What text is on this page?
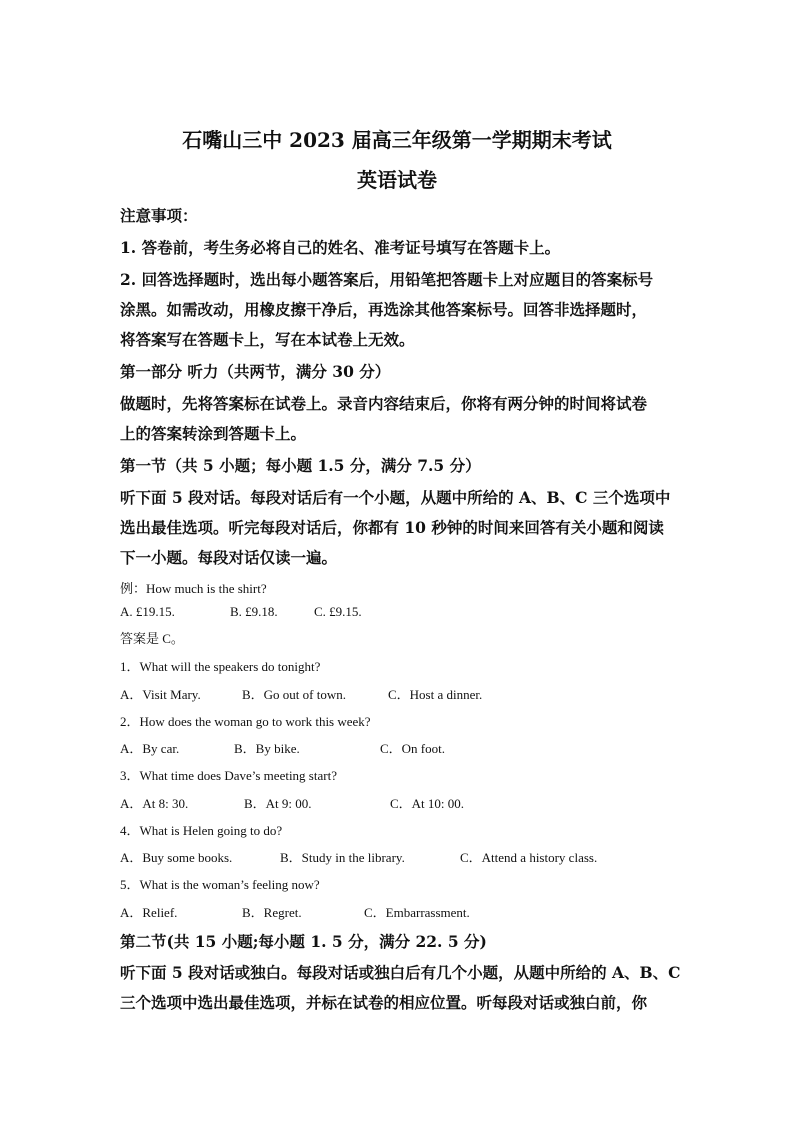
石嘴山三中 2023 届高三年级第一学期期末考试
英语试卷
注意事项：
1. 答卷前，考生务必将自己的姓名、准考证号填写在答题卡上。
2. 回答选择题时，选出每小题答案后，用铅笔把答题卡上对应题目的答案标号
涂黑。如需改动，用橡皮擦干净后，再选涂其他答案标号。回答非选择题时，
将答案写在答题卡上，写在本试卷上无效。
第一部分 听力（共两节，满分 30 分）
做题时，先将答案标在试卷上。录音内容结束后，你将有两分钟的时间将试卷
上的答案转涂到答题卡上。
第一节（共 5 小题；每小题 1.5 分，满分 7.5 分）
听下面 5 段对话。每段对话后有一个小题，从题中所给的 A、B、C 三个选项中
选出最佳选项。听完每段对话后，你都有 10 秒钟的时间来回答有关小题和阅读
下一小题。每段对话仅读一遍。
例：How much is the shirt?
A. £19.15.	B. £9.18.	C. £9.15.
答案是 C。
1．What will the speakers do tonight?
A．Visit Mary.	B．Go out of town.	C．Host a dinner.
2．How does the woman go to work this week?
A．By car.	B．By bike.	C．On foot.
3．What time does Dave’s meeting start?
A．At 8: 30.	B．At 9: 00.	C．At 10: 00.
4．What is Helen going to do?
A．Buy some books.	B．Study in the library.	C．Attend a history class.
5．What is the woman’s feeling now?
A．Relief.	B．Regret.	C．Embarrassment.
第二节(共 15 小题;每小题 1. 5 分，满分 22. 5 分)
听下面 5 段对话或独白。每段对话或独白后有几个小题，从题中所给的 A、B、C
三个选项中选出最佳选项，并标在试卷的相应位置。听每段对话或独白前，你
